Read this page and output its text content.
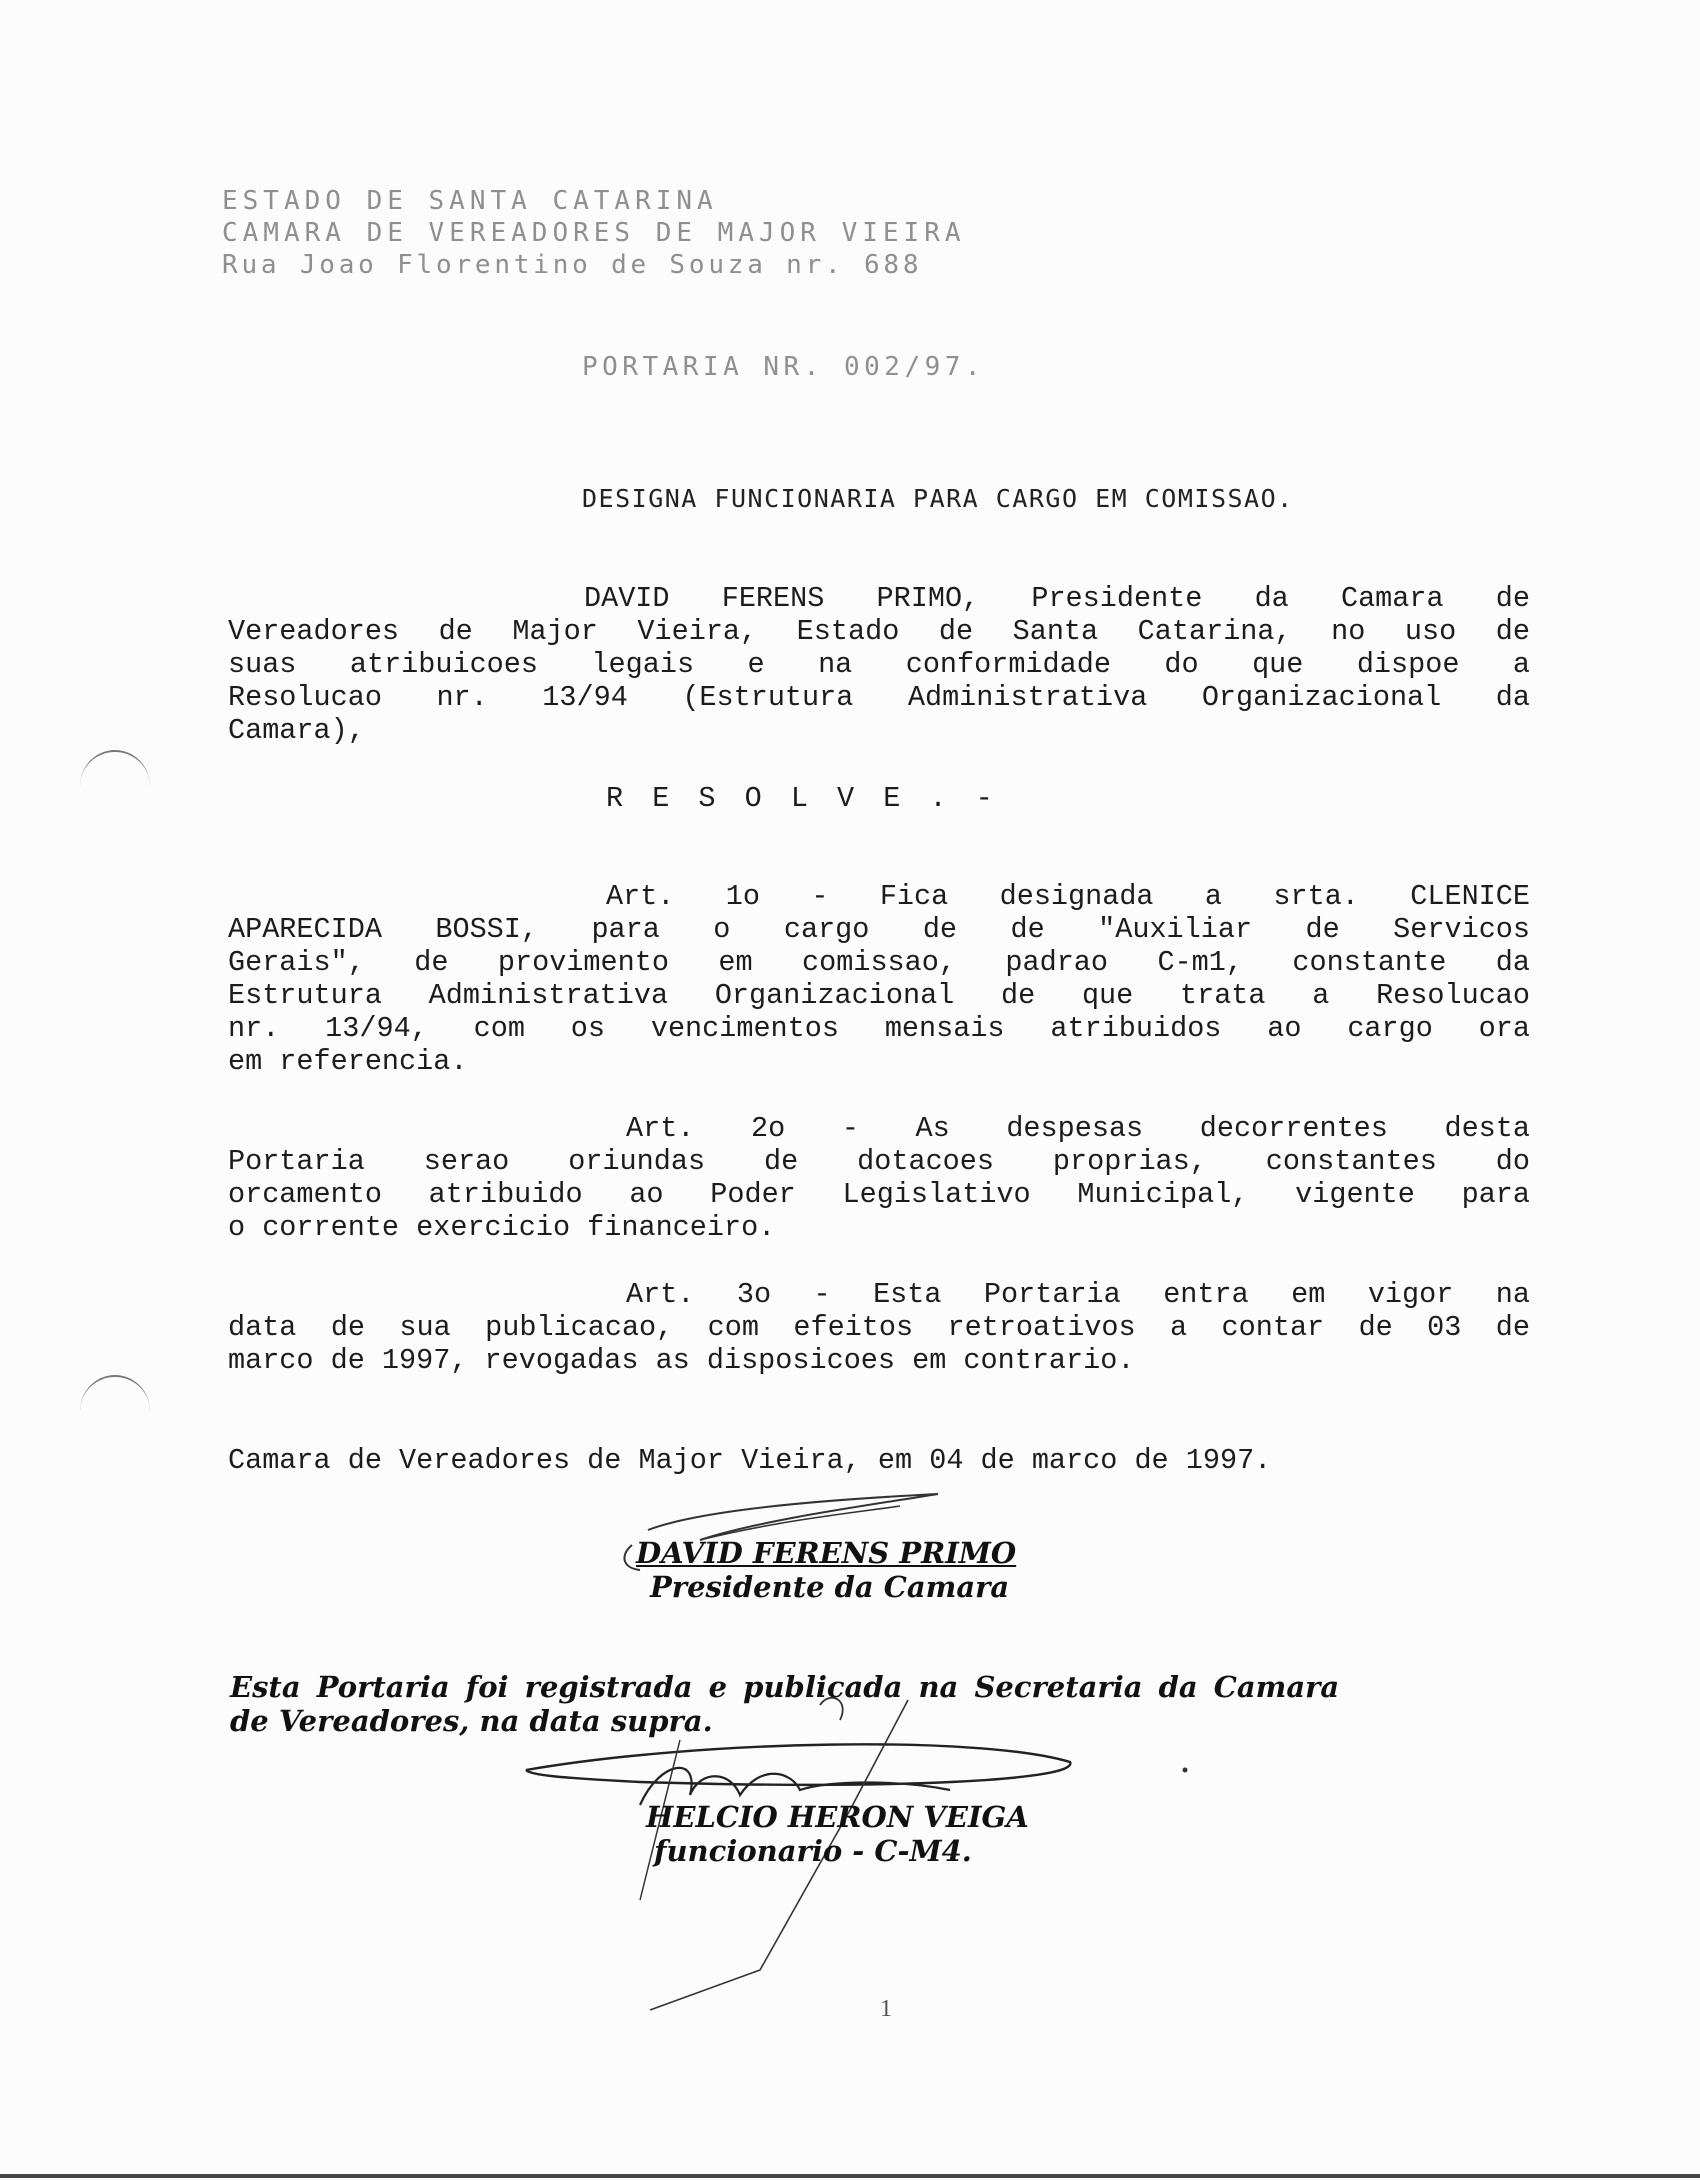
ESTADO DE SANTA CATARINA
CAMARA DE VEREADORES DE MAJOR VIEIRA
Rua Joao Florentino de Souza nr. 688
PORTARIA NR. 002/97.
DESIGNA FUNCIONARIA PARA CARGO EM COMISSAO.
DAVID FERENS PRIMO, Presidente da Camara de
Vereadores de Major Vieira, Estado de Santa Catarina, no uso de
suas atribuicoes legais e na conformidade do que dispoe a
Resolucao nr. 13/94 (Estrutura Administrativa Organizacional da
Camara),
R E S O L V E . -
Art. 1o - Fica designada a srta. CLENICE
APARECIDA BOSSI, para o cargo de de "Auxiliar de Servicos
Gerais", de provimento em comissao, padrao C-m1, constante da
Estrutura Administrativa Organizacional de que trata a Resolucao
nr. 13/94, com os vencimentos mensais atribuidos ao cargo ora
em referencia.
Art. 2o - As despesas decorrentes desta
Portaria serao oriundas de dotacoes proprias, constantes do
orcamento atribuido ao Poder Legislativo Municipal, vigente para
o corrente exercicio financeiro.
Art. 3o - Esta Portaria entra em vigor na
data de sua publicacao, com efeitos retroativos a contar de 03 de
marco de 1997, revogadas as disposicoes em contrario.
Camara de Vereadores de Major Vieira, em 04 de marco de 1997.
DAVID FERENS PRIMO
Presidente da Camara
Esta Portaria foi registrada e publicada na Secretaria da Camara
de Vereadores, na data supra.
HELCIO HERON VEIGA
funcionario - C-M4.
1
